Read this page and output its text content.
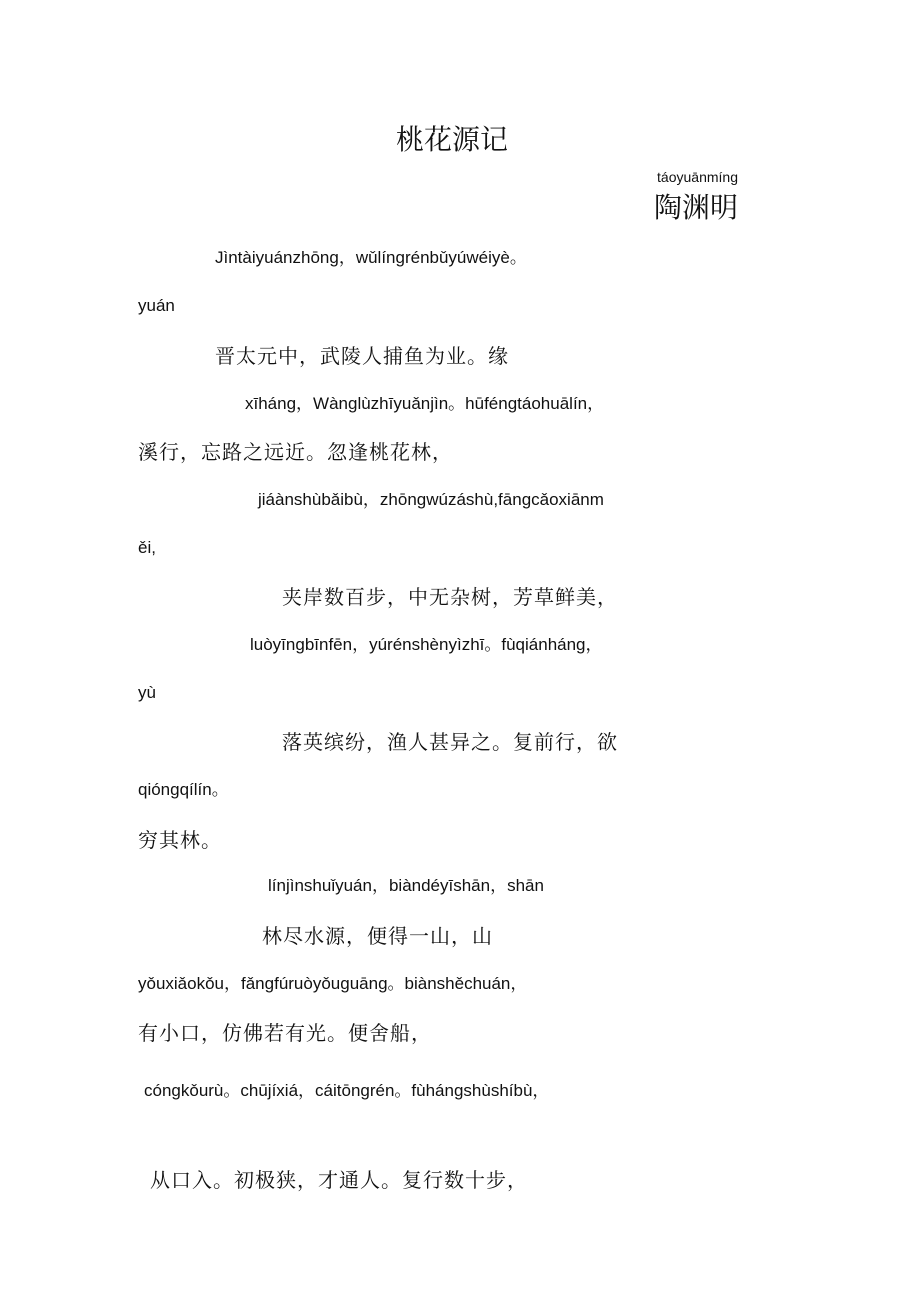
桃花源记
táoyuānmíng
陶渊明
Jìntàiyuánzhōng，wǔlíngrénbǔyúwéiyè。
yuán
晋太元中，武陵人捕鱼为业。缘
xīháng，Wànglùzhīyuǎnjìn。hūféngtáohuālín，
溪行，忘路之远近。忽逢桃花林，
jiáànshùbǎibù，zhōngwúzáshù,fāngcǎoxiānm
ěi,
夹岸数百步，中无杂树，芳草鲜美，
luòyīngbīnfēn，yúrénshènyìzhī。fùqiánháng，
yù
落英缤纷，渔人甚异之。复前行，欲
qióngqílín。
穷其林。
línjìnshuǐyuán，biàndéyīshān，shān
林尽水源，便得一山，山
yǒuxiǎokǒu，fǎngfúruòyǒuguāng。biànshěchuán，
有小口，仿佛若有光。便舍船，
cóngkǒurù。chūjíxiá，cáitōngrén。fùhángshùshíbù，
从口入。初极狭，才通人。复行数十步，
